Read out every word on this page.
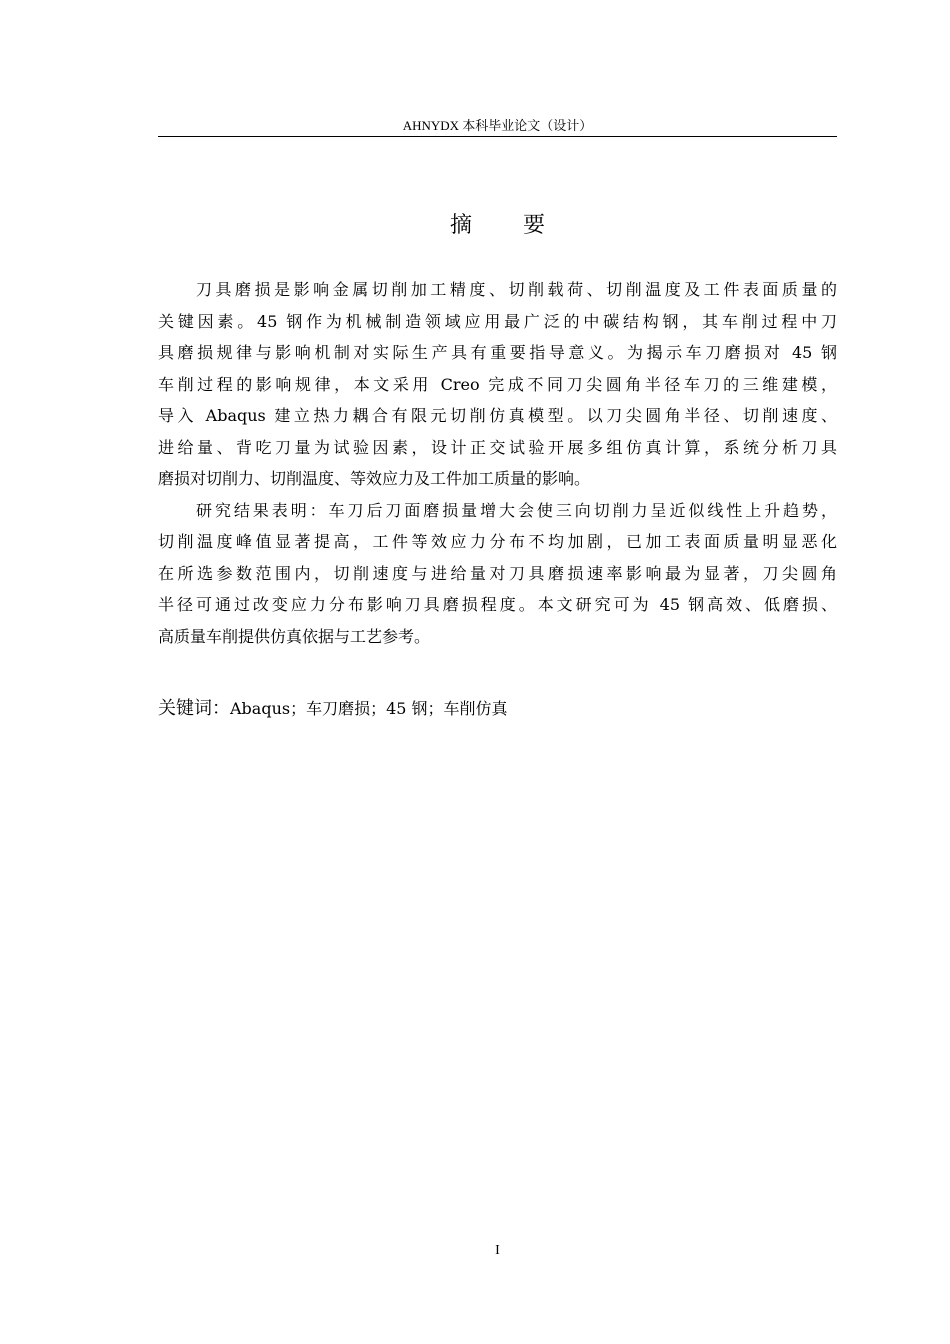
AHNYDX 本科毕业论文（设计）
摘 要
刀具磨损是影响金属切削加工精度、切削载荷、切削温度及工件表面质量的
关键因素。45 钢作为机械制造领域应用最广泛的中碳结构钢，其车削过程中刀
具磨损规律与影响机制对实际生产具有重要指导意义。为揭示车刀磨损对 45 钢
车削过程的影响规律，本文采用 Creo 完成不同刀尖圆角半径车刀的三维建模，
导入 Abaqus 建立热力耦合有限元切削仿真模型。以刀尖圆角半径、切削速度、
进给量、背吃刀量为试验因素，设计正交试验开展多组仿真计算，系统分析刀具
磨损对切削力、切削温度、等效应力及工件加工质量的影响。
研究结果表明：车刀后刀面磨损量增大会使三向切削力呈近似线性上升趋势，
切削温度峰值显著提高，工件等效应力分布不均加剧，已加工表面质量明显恶化
在所选参数范围内，切削速度与进给量对刀具磨损速率影响最为显著，刀尖圆角
半径可通过改变应力分布影响刀具磨损程度。本文研究可为 45 钢高效、低磨损、
高质量车削提供仿真依据与工艺参考。
关键词：Abaqus；车刀磨损；45 钢；车削仿真
I
